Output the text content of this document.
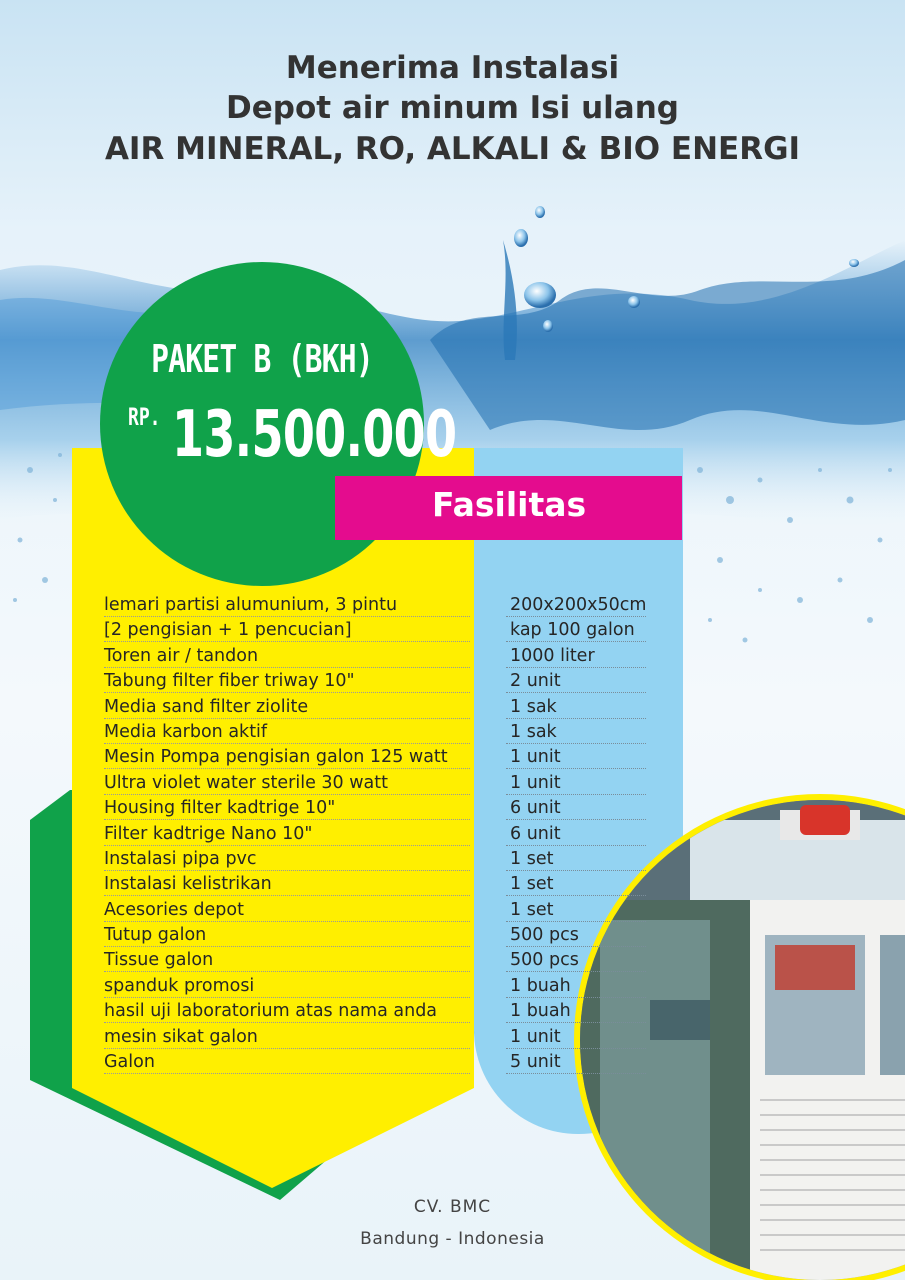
Menerima Instalasi
Depot air minum Isi ulang
AIR MINERAL, RO, ALKALI & BIO ENERGI
PAKET B (BKH)
RP. 13.500.000
Fasilitas
lemari partisi alumunium, 3 pintu	200x200x50cm
[2 pengisian + 1 pencucian]	kap 100 galon
Toren air / tandon	1000 liter
Tabung filter fiber triway 10"	2 unit
Media sand filter ziolite	1 sak
Media karbon aktif	1 sak
Mesin Pompa pengisian galon 125 watt	1 unit
Ultra violet water sterile 30 watt	1 unit
Housing filter kadtrige 10"	6 unit
Filter kadtrige Nano 10"	6 unit
Instalasi pipa pvc	1 set
Instalasi kelistrikan	1 set
Acesories depot	1 set
Tutup galon	500 pcs
Tissue galon	500 pcs
spanduk promosi	1 buah
hasil uji laboratorium atas nama anda	1 buah
mesin sikat galon	1 unit
Galon	5 unit
CV. BMC
Bandung - Indonesia
